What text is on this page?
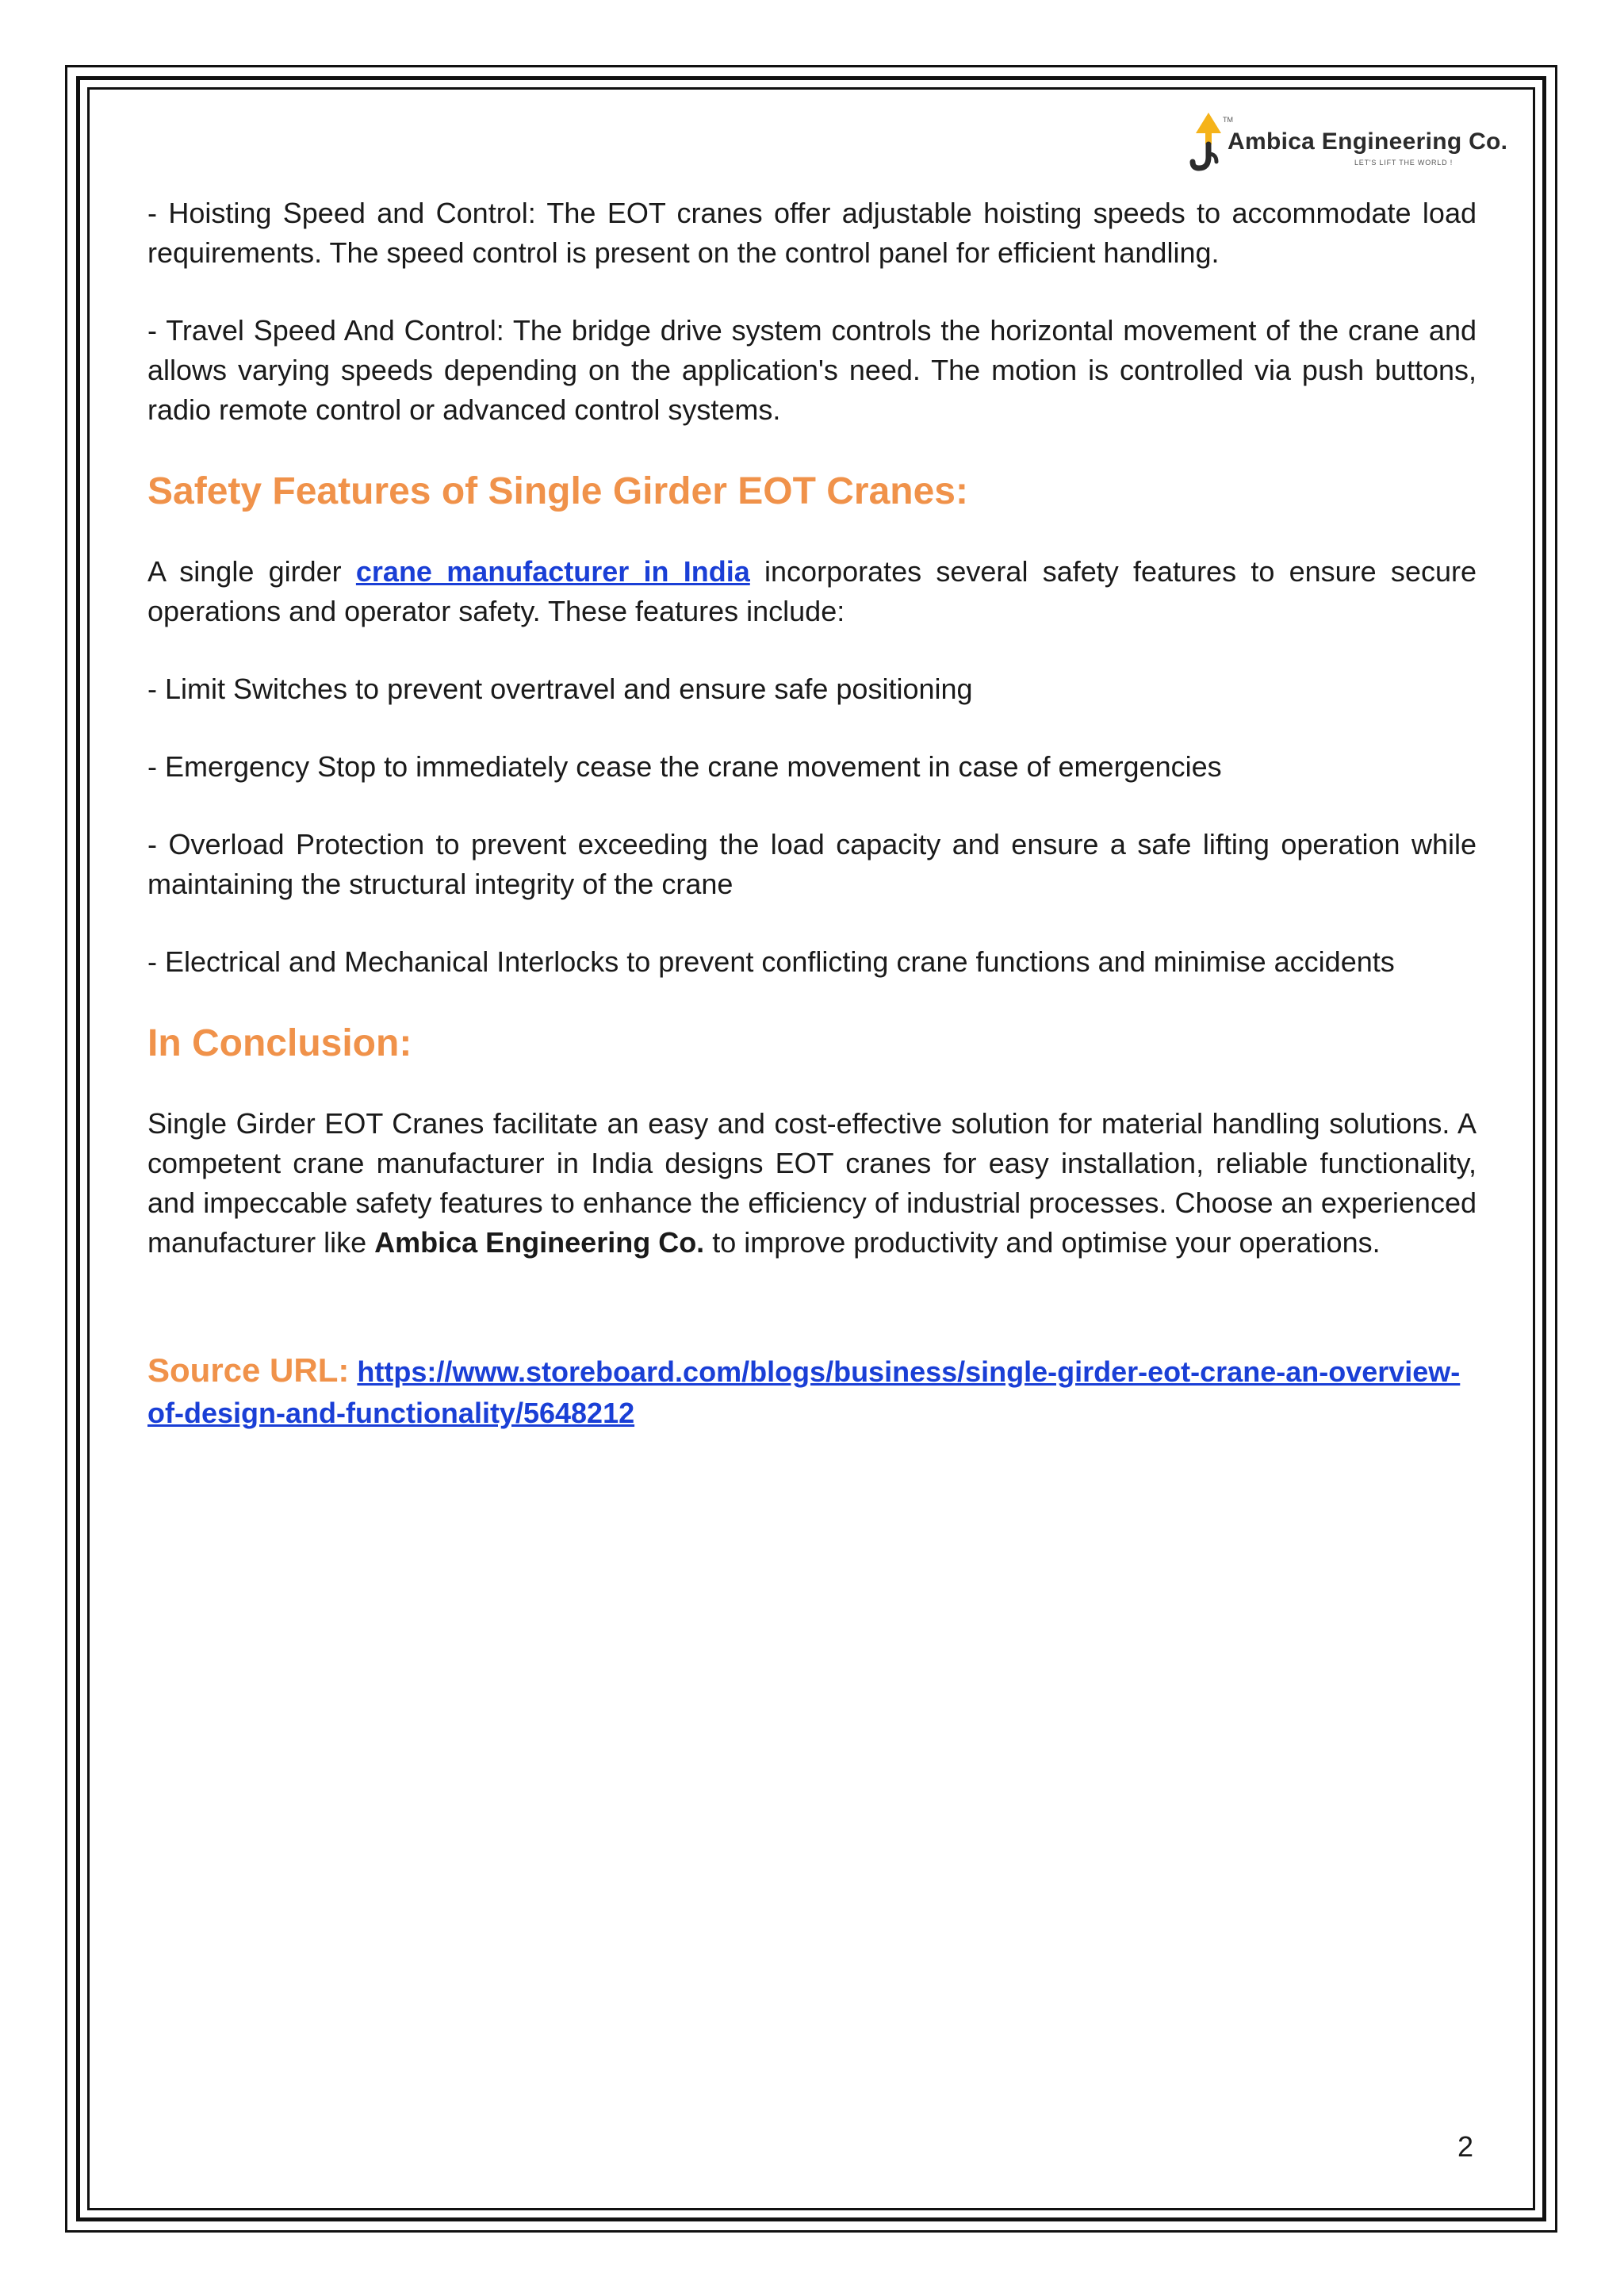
TM
Ambica Engineering Co.
LET'S LIFT THE WORLD !

- Hoisting Speed and Control: The EOT cranes offer adjustable hoisting speeds to accommodate load requirements. The speed control is present on the control panel for efficient handling.

- Travel Speed And Control: The bridge drive system controls the horizontal movement of the crane and allows varying speeds depending on the application's need. The motion is controlled via push buttons, radio remote control or advanced control systems.

Safety Features of Single Girder EOT Cranes:

A single girder crane manufacturer in India incorporates several safety features to ensure secure operations and operator safety. These features include:

- Limit Switches to prevent overtravel and ensure safe positioning

- Emergency Stop to immediately cease the crane movement in case of emergencies

- Overload Protection to prevent exceeding the load capacity and ensure a safe lifting operation while maintaining the structural integrity of the crane

- Electrical and Mechanical Interlocks to prevent conflicting crane functions and minimise accidents

In Conclusion:

Single Girder EOT Cranes facilitate an easy and cost-effective solution for material handling solutions. A competent crane manufacturer in India designs EOT cranes for easy installation, reliable functionality, and impeccable safety features to enhance the efficiency of industrial processes. Choose an experienced manufacturer like Ambica Engineering Co. to improve productivity and optimise your operations.

Source URL: https://www.storeboard.com/blogs/business/single-girder-eot-crane-an-overview-of-design-and-functionality/5648212
2
